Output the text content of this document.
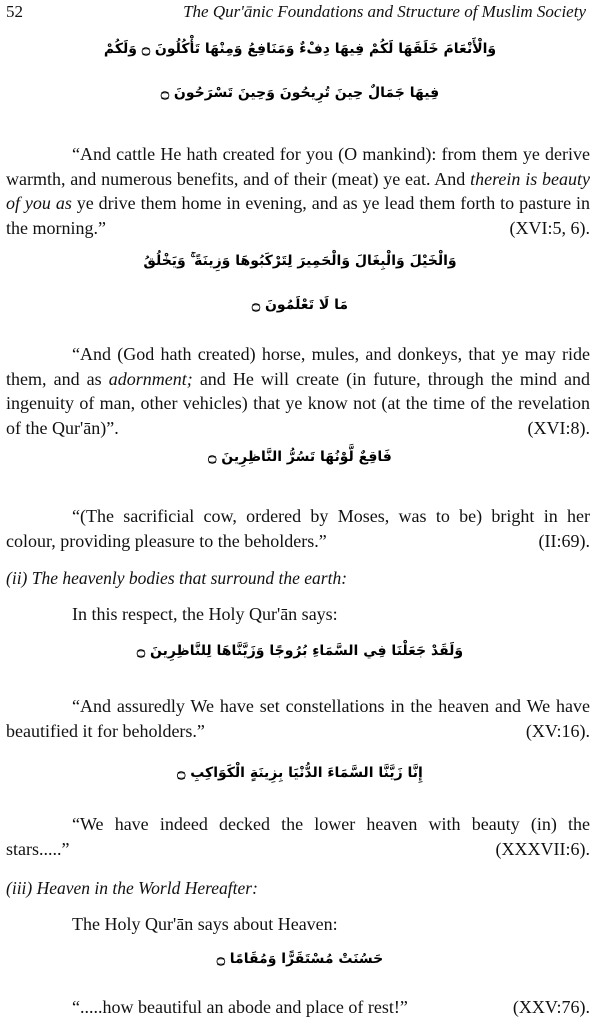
52	The Qur'ānic Foundations and Structure of Muslim Society
وَالْأَنْعَامَ خَلَقَهَا لَكُمْ فِيهَا دِفْءٌ وَمَنَافِعُ وَمِنْهَا تَأْكُلُونَ ۝ وَلَكُمْ
فِيهَا جَمَالٌ حِينَ تُرِيحُونَ وَحِينَ تَسْرَحُونَ ۝
“And cattle He hath created for you (O mankind): from them ye derive warmth, and numerous benefits, and of their (meat) ye eat. And therein is beauty of you as ye drive them home in evening, and as ye lead them forth to pasture in the morning.”	(XVI:5, 6).
وَالْخَيْلَ وَالْبِغَالَ وَالْحَمِيرَ لِتَرْكَبُوهَا وَزِينَةً ۚ وَيَخْلُقُ
مَا لَا تَعْلَمُونَ ۝
“And (God hath created) horse, mules, and donkeys, that ye may ride them, and as adornment; and He will create (in future, through the mind and ingenuity of man, other vehicles) that ye know not (at the time of the revelation of the Qur'ān)”.	(XVI:8).
فَاقِعٌ لَّوْنُهَا تَسُرُّ النَّاظِرِينَ ۝
“(The sacrificial cow, ordered by Moses, was to be) bright in her colour, providing pleasure to the beholders.”	(II:69).
(ii) The heavenly bodies that surround the earth:
In this respect, the Holy Qur'ān says:
وَلَقَدْ جَعَلْنَا فِي السَّمَاءِ بُرُوجًا وَزَيَّنَّاهَا لِلنَّاظِرِينَ ۝
“And assuredly We have set constellations in the heaven and We have beautified it for beholders.”	(XV:16).
إِنَّا زَيَّنَّا السَّمَاءَ الدُّنْيَا بِزِينَةٍ الْكَوَاكِبِ ۝
“We have indeed decked the lower heaven with beauty (in) the stars.....”	(XXXVII:6).
(iii) Heaven in the World Hereafter:
The Holy Qur'ān says about Heaven:
حَسُنَتْ مُسْتَقَرًّا وَمُقَامًا ۝
“.....how beautiful an abode and place of rest!”	(XXV:76).
